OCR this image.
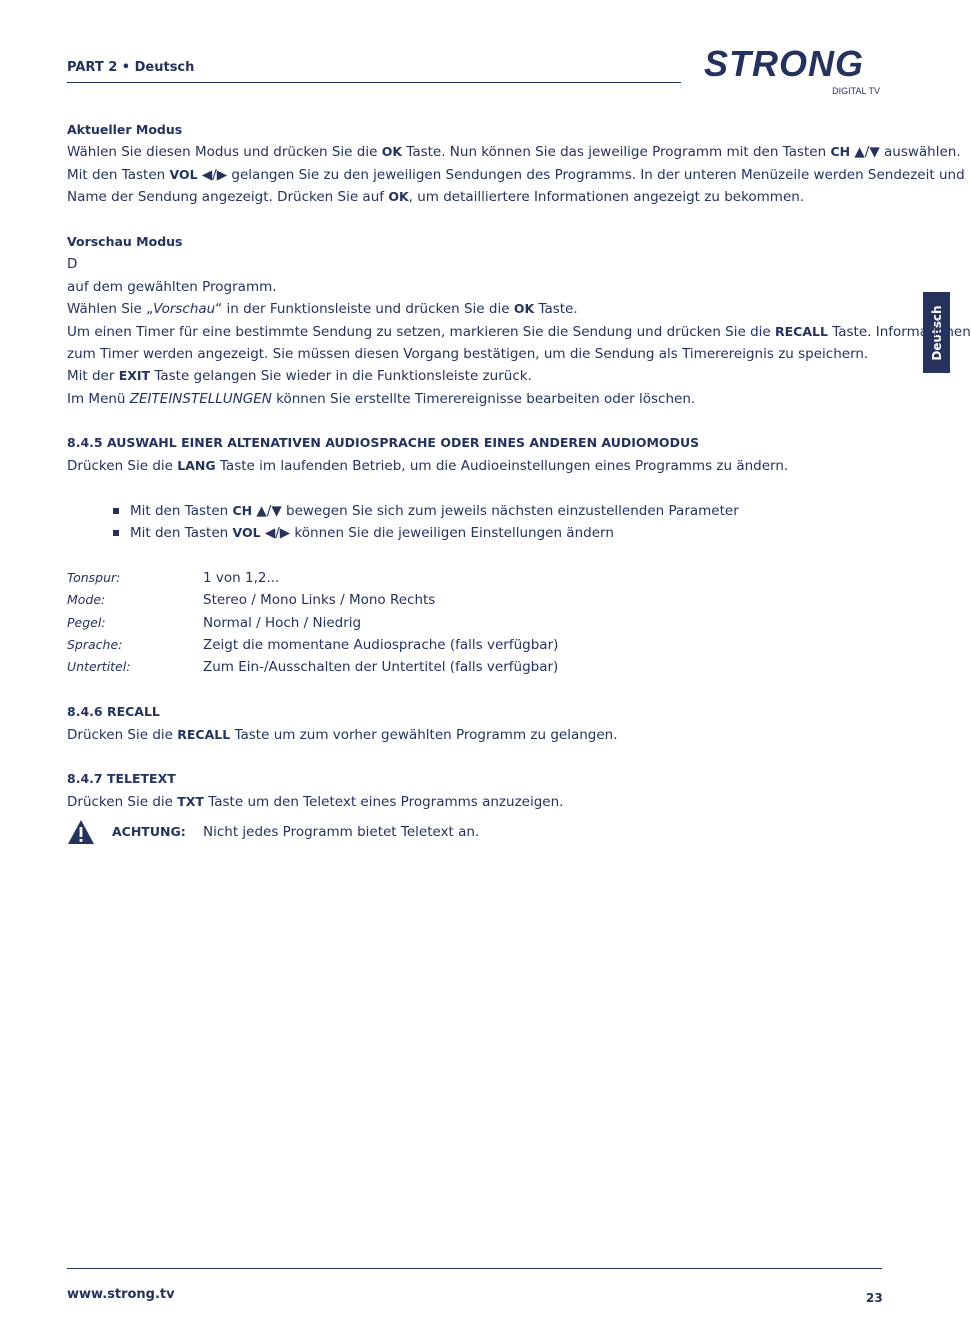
PART 2 • Deutsch	STRONG
DIGITAL TV
Deutsch
Aktueller Modus
Wählen Sie diesen Modus und drücken Sie die OK Taste. Nun können Sie das jeweilige Programm mit den Tasten CH ▲/▼ auswählen.
Mit den Tasten VOL ◀/▶ gelangen Sie zu den jeweiligen Sendungen des Programms. In der unteren Menüzeile werden Sendezeit und
Name der Sendung angezeigt. Drücken Sie auf OK, um detailliertere Informationen angezeigt zu bekommen.
Vorschau Modus
D
auf dem gewählten Programm.
Wählen Sie „Vorschau“ in der Funktionsleiste und drücken Sie die OK Taste.
Um einen Timer für eine bestimmte Sendung zu setzen, markieren Sie die Sendung und drücken Sie die RECALL Taste. Informationen
zum Timer werden angezeigt. Sie müssen diesen Vorgang bestätigen, um die Sendung als Timerereignis zu speichern.
Mit der EXIT Taste gelangen Sie wieder in die Funktionsleiste zurück.
Im Menü ZEITEINSTELLUNGEN können Sie erstellte Timerereignisse bearbeiten oder löschen.
8.4.5 AUSWAHL EINER ALTENATIVEN AUDIOSPRACHE ODER EINES ANDEREN AUDIOMODUS
Drücken Sie die LANG Taste im laufenden Betrieb, um die Audioeinstellungen eines Programms zu ändern.
Mit den Tasten CH ▲/▼ bewegen Sie sich zum jeweils nächsten einzustellenden Parameter
Mit den Tasten VOL ◀/▶ können Sie die jeweiligen Einstellungen ändern
Tonspur:	1 von 1,2...
Mode:	Stereo / Mono Links / Mono Rechts
Pegel:	Normal / Hoch / Niedrig
Sprache:	Zeigt die momentane Audiosprache (falls verfügbar)
Untertitel:	Zum Ein-/Ausschalten der Untertitel (falls verfügbar)
8.4.6 RECALL
Drücken Sie die RECALL Taste um zum vorher gewählten Programm zu gelangen.
8.4.7 TELETEXT
Drücken Sie die TXT Taste um den Teletext eines Programms anzuzeigen.
ACHTUNG: Nicht jedes Programm bietet Teletext an.
www.strong.tv	23
